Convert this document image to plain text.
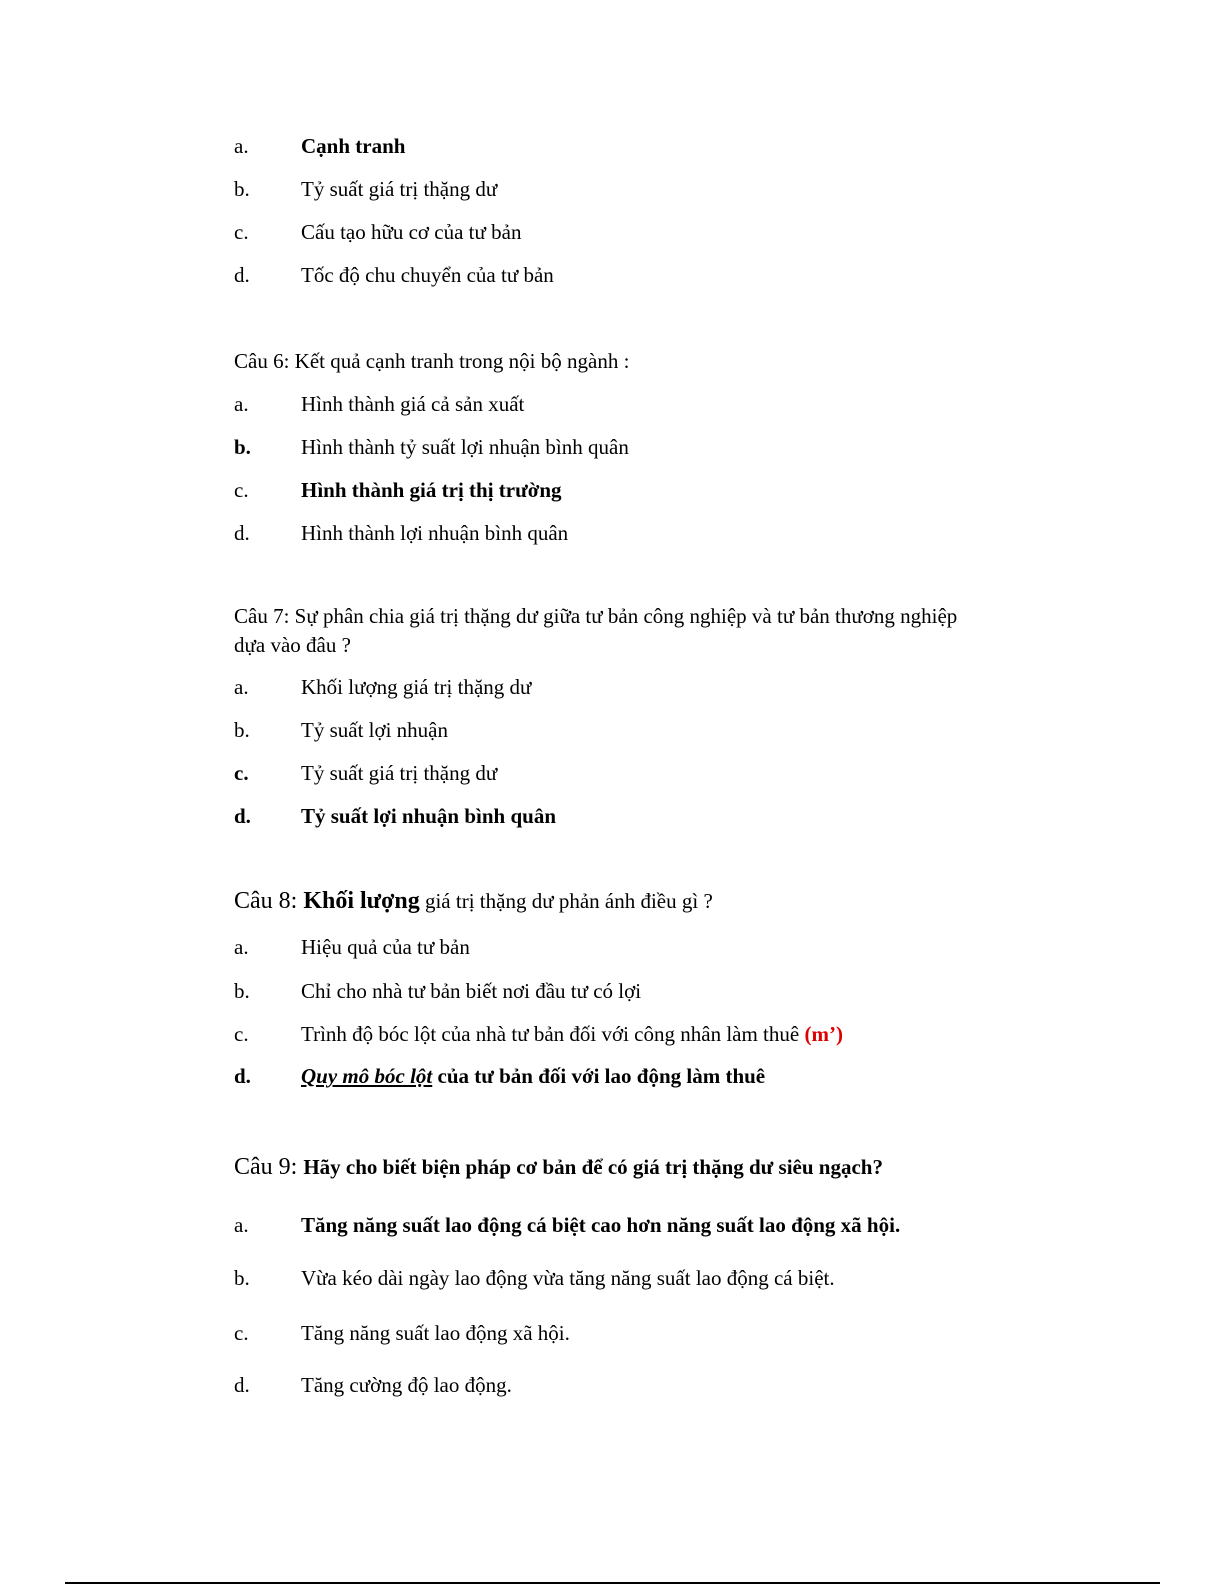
a. Cạnh tranh
b. Tỷ suất giá trị thặng dư
c. Cấu tạo hữu cơ của tư bản
d. Tốc độ chu chuyển của tư bản
Câu 6: Kết quả cạnh tranh trong nội bộ ngành :
a. Hình thành giá cả sản xuất
b. Hình thành tỷ suất lợi nhuận bình quân
c. Hình thành giá trị thị trường
d. Hình thành lợi nhuận bình quân
Câu 7: Sự phân chia giá trị thặng dư giữa tư bản công nghiệp và tư bản thương nghiệp
dựa vào đâu ?
a. Khối lượng giá trị thặng dư
b. Tỷ suất lợi nhuận
c. Tỷ suất giá trị thặng dư
d. Tỷ suất lợi nhuận bình quân
Câu 8: Khối lượng giá trị thặng dư phản ánh điều gì ?
a. Hiệu quả của tư bản
b. Chỉ cho nhà tư bản biết nơi đầu tư có lợi
c. Trình độ bóc lột của nhà tư bản đối với công nhân làm thuê (m’)
d. Quy mô bóc lột của tư bản đối với lao động làm thuê
Câu 9: Hãy cho biết biện pháp cơ bản để có giá trị thặng dư siêu ngạch?
a. Tăng năng suất lao động cá biệt cao hơn năng suất lao động xã hội.
b. Vừa kéo dài ngày lao động vừa tăng năng suất lao động cá biệt.
c. Tăng năng suất lao động xã hội.
d. Tăng cường độ lao động.
